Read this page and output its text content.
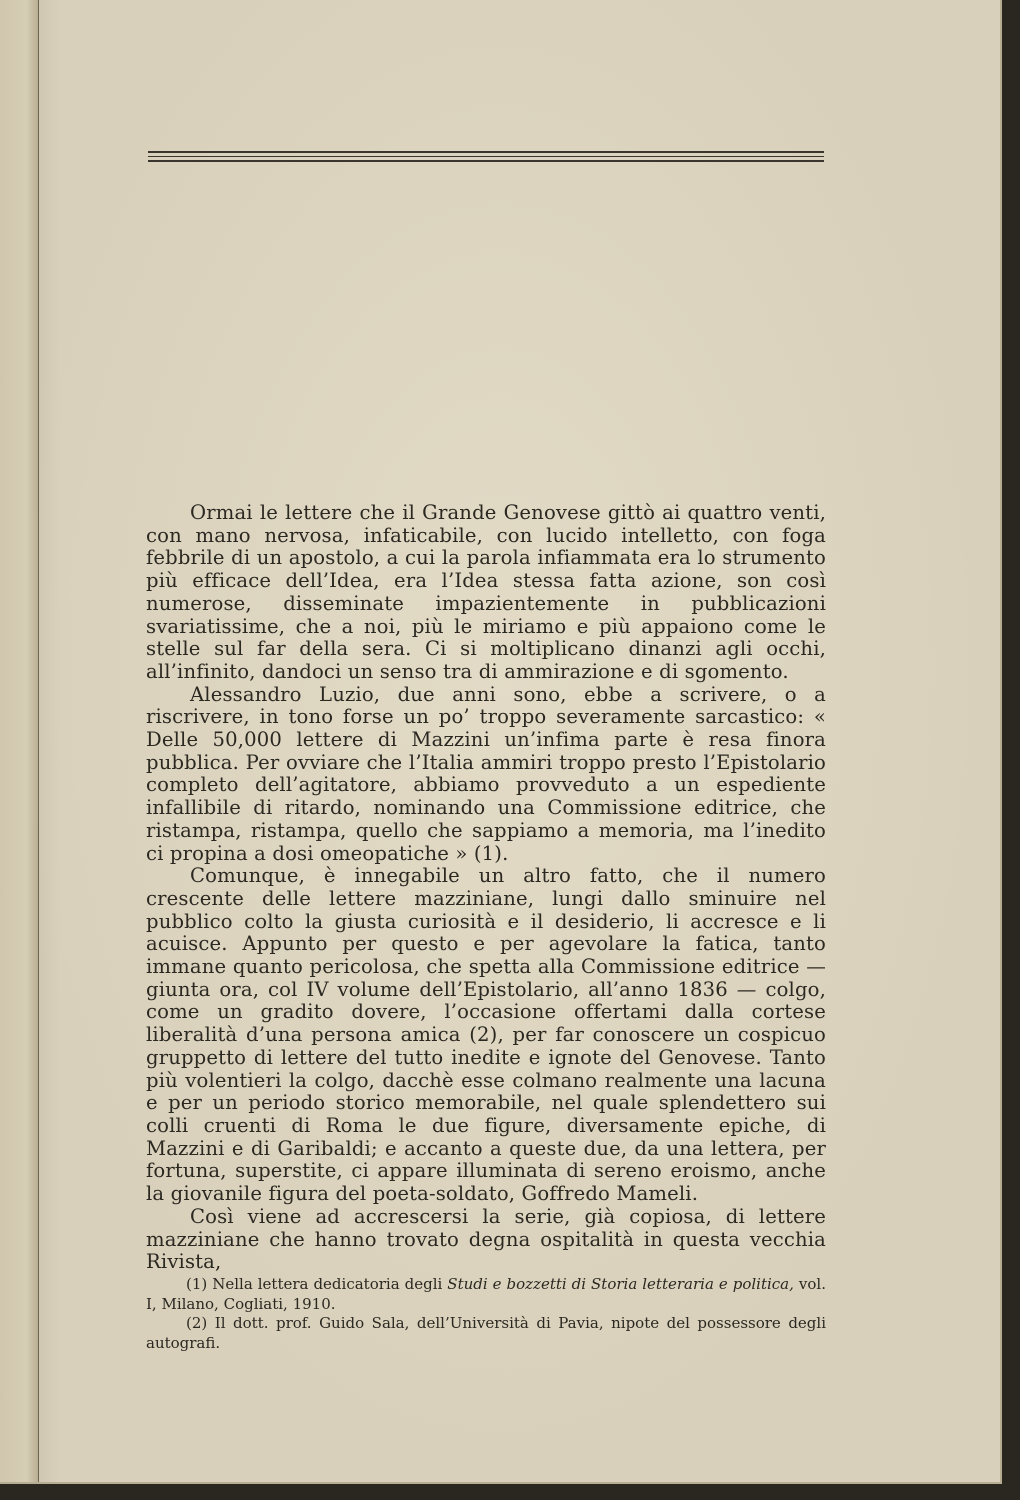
Ormai le lettere che il Grande Genovese gittò ai quattro venti, con mano nervosa, infaticabile, con lucido intelletto, con foga febbrile di un apostolo, a cui la parola infiammata era lo strumento più efficace dell’Idea, era l’Idea stessa fatta azione, son così numerose, disseminate impazientemente in pubblicazioni svariatissime, che a noi, più le miriamo e più appaiono come le stelle sul far della sera. Ci si moltiplicano dinanzi agli occhi, all’infinito, dandoci un senso tra di ammirazione e di sgomento.

Alessandro Luzio, due anni sono, ebbe a scrivere, o a riscrivere, in tono forse un po’ troppo severamente sarcastico: « Delle 50,000 lettere di Mazzini un’infima parte è resa finora pubblica. Per ovviare che l’Italia ammiri troppo presto l’Epistolario completo dell’agitatore, abbiamo provveduto a un espediente infallibile di ritardo, nominando una Commissione editrice, che ristampa, ristampa, quello che sappiamo a memoria, ma l’inedito ci propina a dosi omeopatiche » (1).

Comunque, è innegabile un altro fatto, che il numero crescente delle lettere mazziniane, lungi dallo sminuire nel pubblico colto la giusta curiosità e il desiderio, li accresce e li acuisce. Appunto per questo e per agevolare la fatica, tanto immane quanto pericolosa, che spetta alla Commissione editrice — giunta ora, col IV volume dell’Epistolario, all’anno 1836 — colgo, come un gradito dovere, l’occasione offertami dalla cortese liberalità d’una persona amica (2), per far conoscere un cospicuo gruppetto di lettere del tutto inedite e ignote del Genovese. Tanto più volentieri la colgo, dacchè esse colmano realmente una lacuna e per un periodo storico memorabile, nel quale splendettero sui colli cruenti di Roma le due figure, diversamente epiche, di Mazzini e di Garibaldi; e accanto a queste due, da una lettera, per fortuna, superstite, ci appare illuminata di sereno eroismo, anche la giovanile figura del poeta-soldato, Goffredo Mameli.

Così viene ad accrescersi la serie, già copiosa, di lettere mazziniane che hanno trovato degna ospitalità in questa vecchia Rivista,

(1) Nella lettera dedicatoria degli Studi e bozzetti di Storia letteraria e politica, vol. I, Milano, Cogliati, 1910.

(2) Il dott. prof. Guido Sala, dell’Università di Pavia, nipote del possessore degli autografi.
